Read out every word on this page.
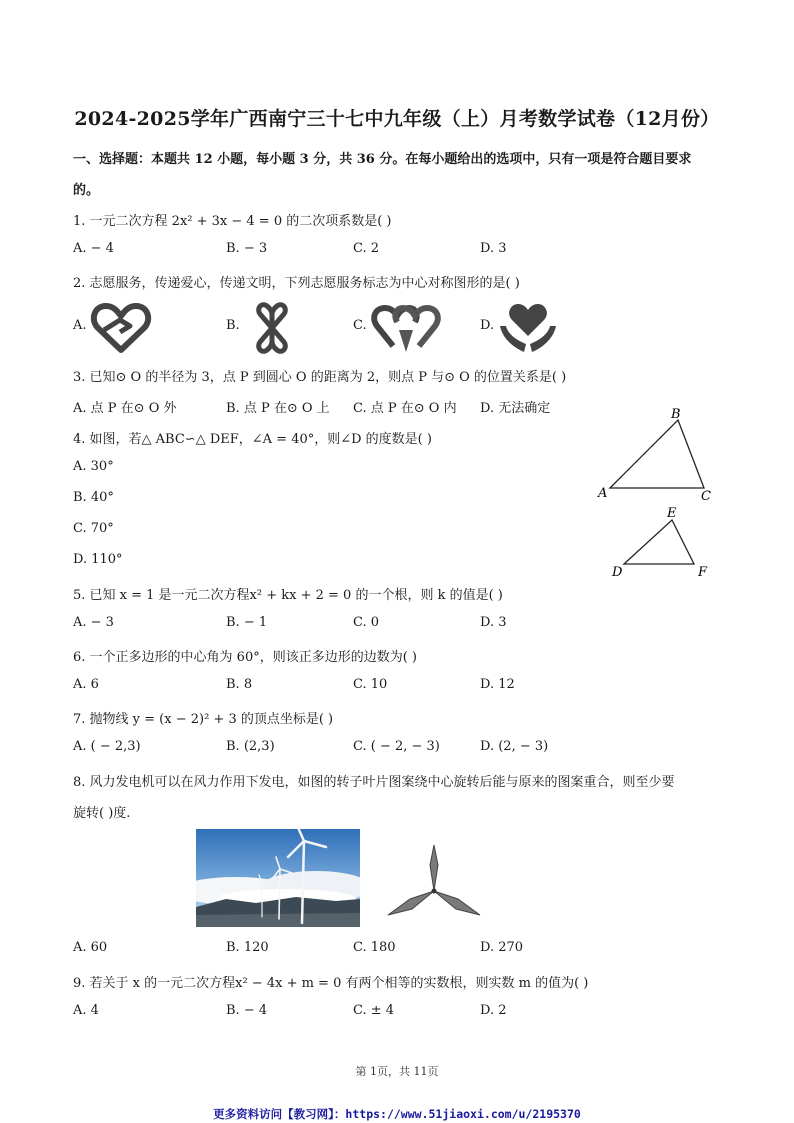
2024-2025学年广西南宁三十七中九年级（上）月考数学试卷（12月份）
一、选择题：本题共 12 小题，每小题 3 分，共 36 分。在每小题给出的选项中，只有一项是符合题目要求
的。
1. 一元二次方程 2x² + 3x − 4 = 0 的二次项系数是( )
A. − 4	B. − 3	C. 2	D. 3
2. 志愿服务，传递爱心，传递文明，下列志愿服务标志为中心对称图形的是( )
A.	B.	C.	D.
3. 已知⊙ O 的半径为 3，点 P 到圆心 O 的距离为 2，则点 P 与⊙ O 的位置关系是( )
A. 点 P 在⊙ O 外	B. 点 P 在⊙ O 上 C. 点 P 在⊙ O 内 D. 无法确定
4. 如图，若△ ABC∽△ DEF，∠A = 40°，则∠D 的度数是( )
A. 30°
B. 40°
C. 70°
D. 110°
A
B
C
D
E
F
5. 已知 x = 1 是一元二次方程x² + kx + 2 = 0 的一个根，则 k 的值是( )
A. − 3	B. − 1	C. 0	D. 3
6. 一个正多边形的中心角为 60°，则该正多边形的边数为( )
A. 6	B. 8	C. 10	D. 12
7. 抛物线 y = (x − 2)² + 3 的顶点坐标是( )
A. ( − 2,3)	B. (2,3)	C. ( − 2, − 3)	D. (2, − 3)
8. 风力发电机可以在风力作用下发电，如图的转子叶片图案绕中心旋转后能与原来的图案重合，则至少要
旋转( )度.
A. 60	B. 120	C. 180	D. 270
9. 若关于 x 的一元二次方程x² − 4x + m = 0 有两个相等的实数根，则实数 m 的值为( )
A. 4	B. − 4	C. ± 4	D. 2
第 1页，共 11页
更多资料访问【教习网】：https://www.51jiaoxi.com/u/2195370
